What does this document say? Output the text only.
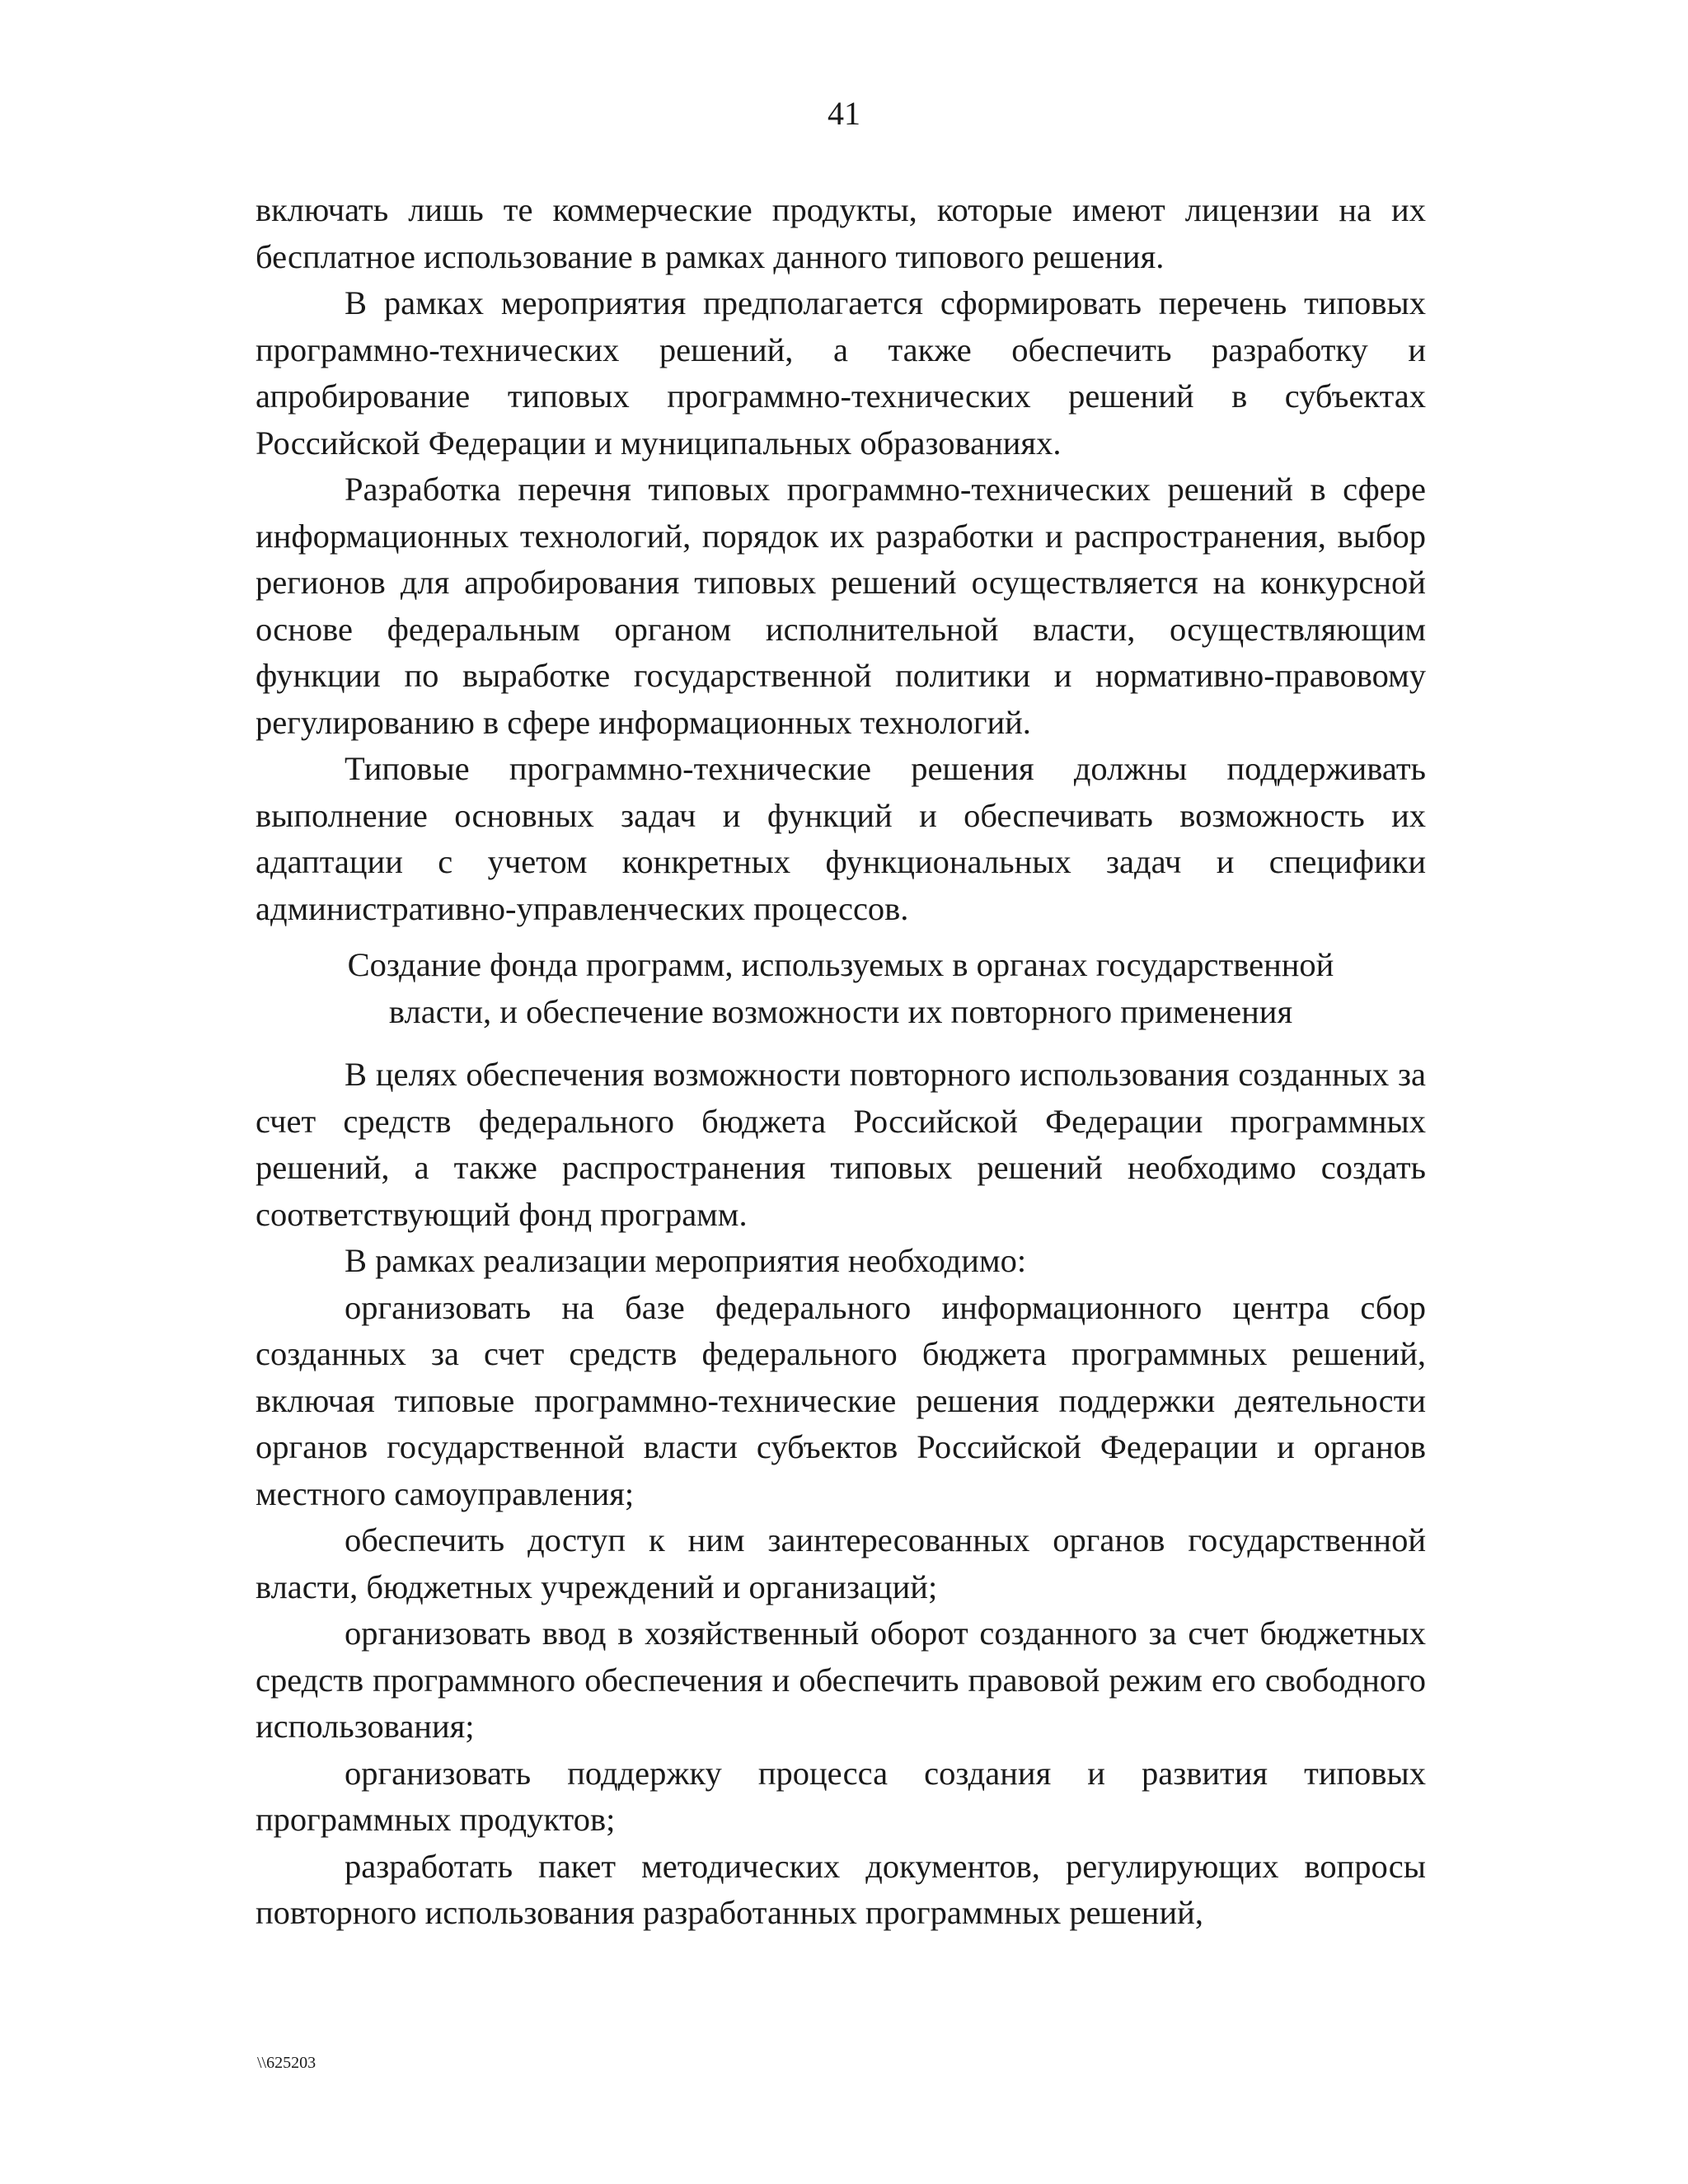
41

включать лишь те коммерческие продукты, которые имеют лицензии на их бесплатное использование в рамках данного типового решения.

В рамках мероприятия предполагается сформировать перечень типовых программно-технических решений, а также обеспечить разработку и апробирование типовых программно-технических решений в субъектах Российской Федерации и муниципальных образованиях.

Разработка перечня типовых программно-технических решений в сфере информационных технологий, порядок их разработки и распространения, выбор регионов для апробирования типовых решений осуществляется на конкурсной основе федеральным органом исполнительной власти, осуществляющим функции по выработке государственной политики и нормативно-правовому регулированию в сфере информационных технологий.

Типовые программно-технические решения должны поддерживать выполнение основных задач и функций и обеспечивать возможность их адаптации с учетом конкретных функциональных задач и специфики административно-управленческих процессов.

Создание фонда программ, используемых в органах государственной
власти, и обеспечение возможности их повторного применения

В целях обеспечения возможности повторного использования созданных за счет средств федерального бюджета Российской Федерации программных решений, а также распространения типовых решений необходимо создать соответствующий фонд программ.

В рамках реализации мероприятия необходимо:

организовать на базе федерального информационного центра сбор созданных за счет средств федерального бюджета программных решений, включая типовые программно-технические решения поддержки деятельности органов государственной власти субъектов Российской Федерации и органов местного самоуправления;

обеспечить доступ к ним заинтересованных органов государственной власти, бюджетных учреждений и организаций;

организовать ввод в хозяйственный оборот созданного за счет бюджетных средств программного обеспечения и обеспечить правовой режим его свободного использования;

организовать поддержку процесса создания и развития типовых программных продуктов;

разработать пакет методических документов, регулирующих вопросы повторного использования разработанных программных решений,

\\625203
